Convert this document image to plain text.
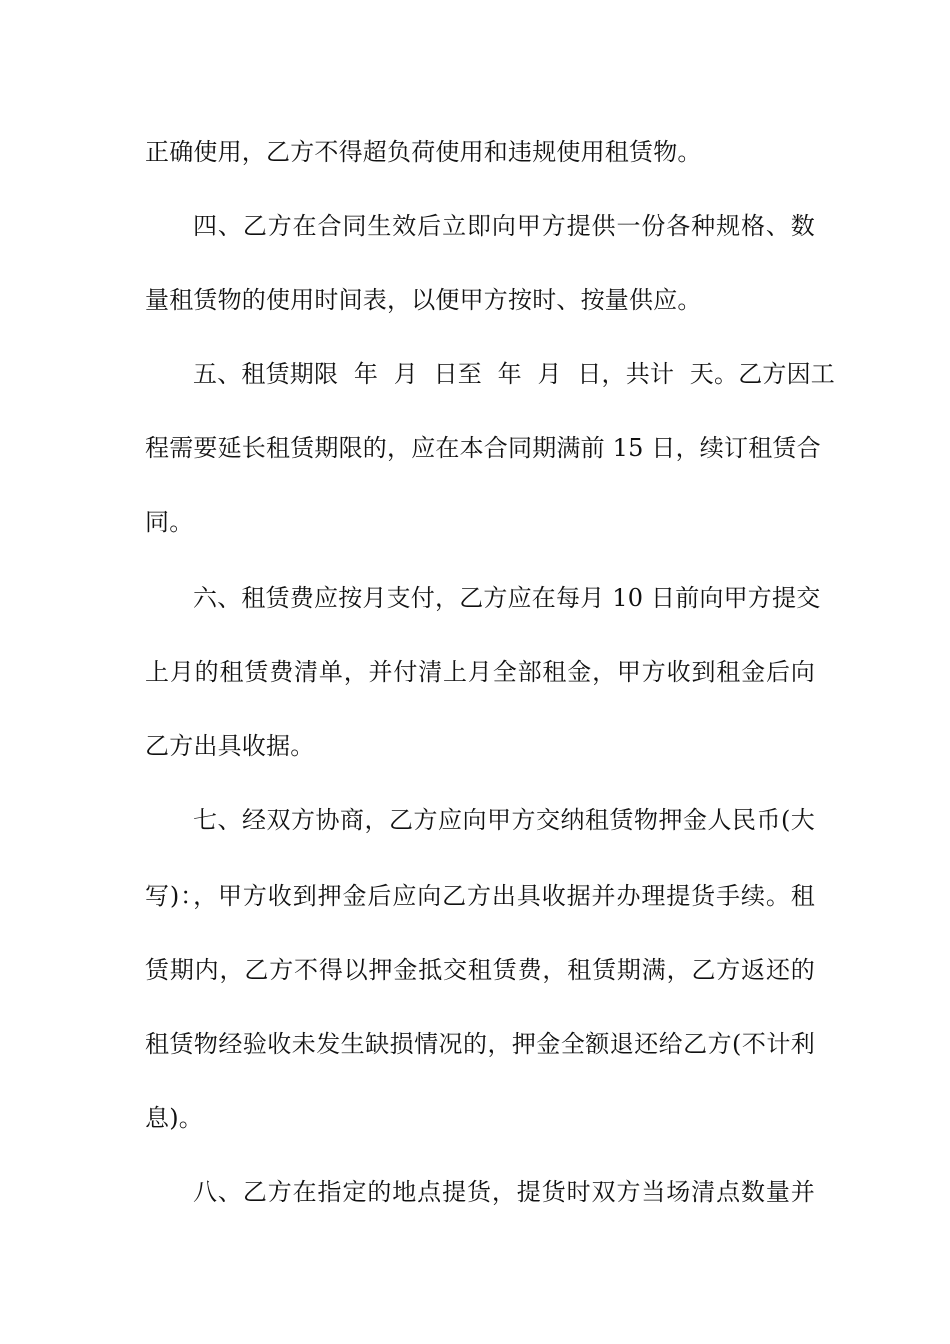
正确使用，乙方不得超负荷使用和违规使用租赁物。
四、乙方在合同生效后立即向甲方提供一份各种规格、数
量租赁物的使用时间表，以便甲方按时、按量供应。
五、租赁期限  年  月  日至  年  月  日，共计  天。乙方因工
程需要延长租赁期限的，应在本合同期满前 15 日，续订租赁合
同。
六、租赁费应按月支付，乙方应在每月 10 日前向甲方提交
上月的租赁费清单，并付清上月全部租金，甲方收到租金后向
乙方出具收据。
七、经双方协商，乙方应向甲方交纳租赁物押金人民币(大
写)：，甲方收到押金后应向乙方出具收据并办理提货手续。租
赁期内，乙方不得以押金抵交租赁费，租赁期满，乙方返还的
租赁物经验收未发生缺损情况的，押金全额退还给乙方(不计利
息)。
八、乙方在指定的地点提货，提货时双方当场清点数量并
